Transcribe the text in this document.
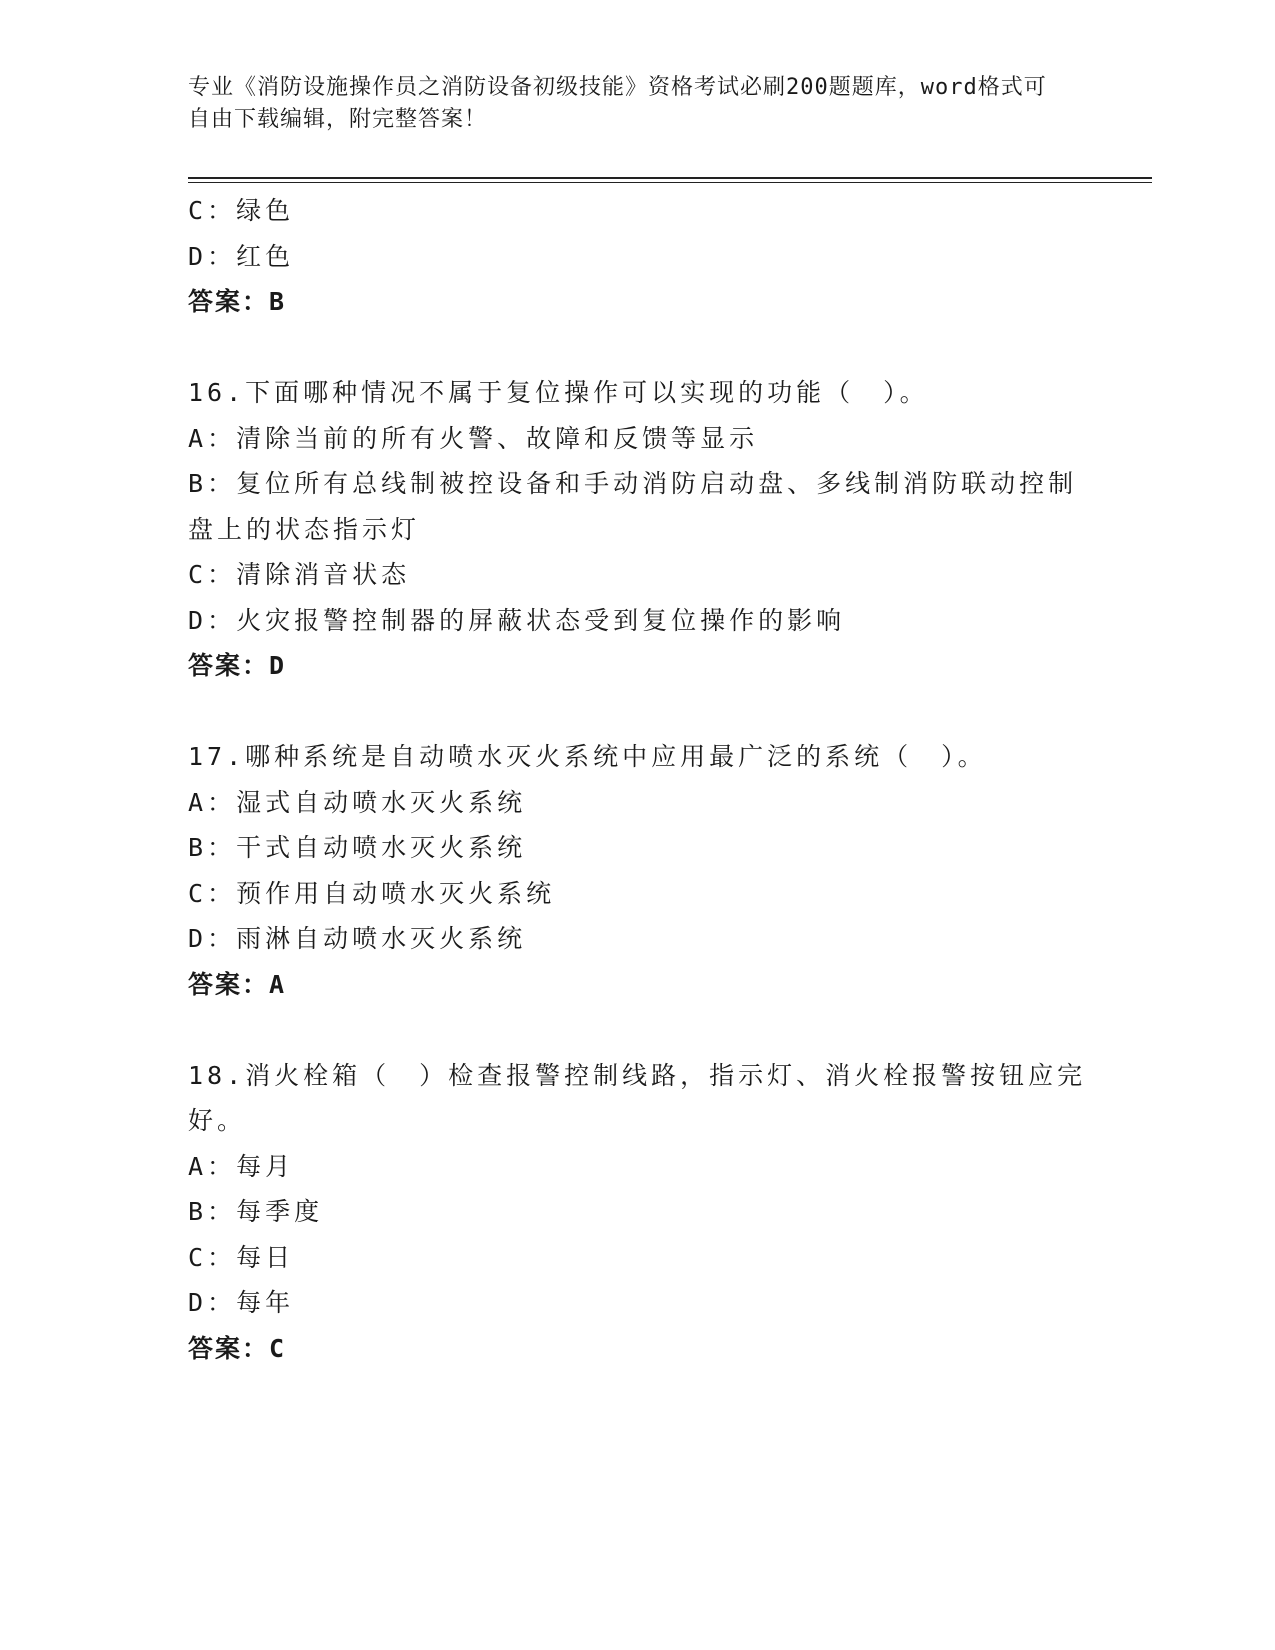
专业《消防设施操作员之消防设备初级技能》资格考试必刷200题题库，word格式可自由下载编辑，附完整答案！
C：绿色
D：红色
答案：B
16.下面哪种情况不属于复位操作可以实现的功能（　）。
A：清除当前的所有火警、故障和反馈等显示
B：复位所有总线制被控设备和手动消防启动盘、多线制消防联动控制盘上的状态指示灯
C：清除消音状态
D：火灾报警控制器的屏蔽状态受到复位操作的影响
答案：D
17.哪种系统是自动喷水灭火系统中应用最广泛的系统（　）。
A：湿式自动喷水灭火系统
B：干式自动喷水灭火系统
C：预作用自动喷水灭火系统
D：雨淋自动喷水灭火系统
答案：A
18.消火栓箱（　）检查报警控制线路，指示灯、消火栓报警按钮应完好。
A：每月
B：每季度
C：每日
D：每年
答案：C
